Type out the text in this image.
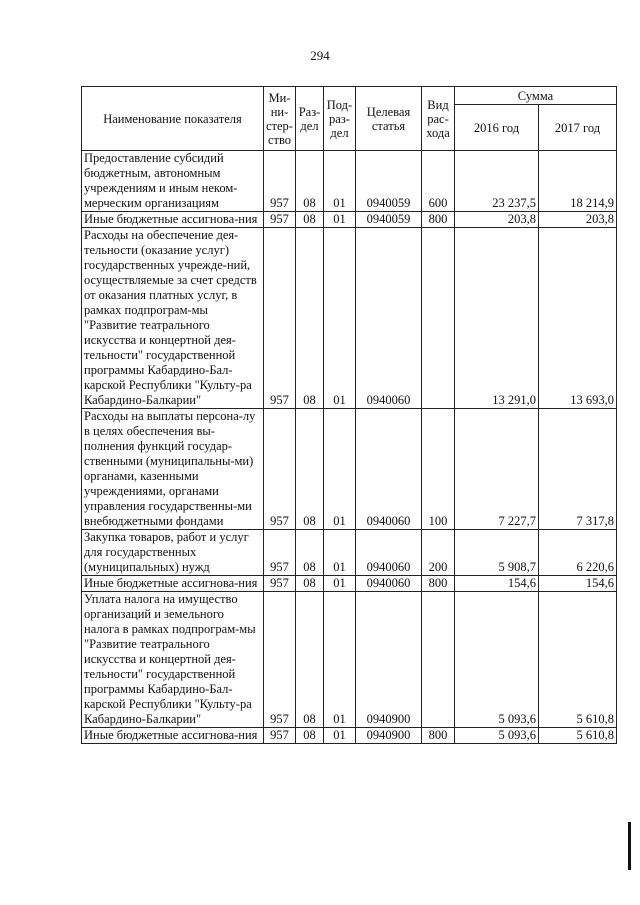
294
Наименование показателя	Ми-
ни-
стер-
ство	Раз-
дел	Под-
раз-
дел	Целевая
статья	Вид
рас-
хода	Сумма	
						2016 год	2017 год
Предоставление субсидий бюджетным, автономным учреждениям и иным неком-мерческим организациям	957	08	01	0940059	600	23 237,5	18 214,9
Иные бюджетные ассигнова-ния	957	08	01	0940059	800	203,8	203,8
Расходы на обеспечение дея-тельности (оказание услуг) государственных учрежде-ний, осуществляемые за счет средств от оказания платных услуг, в рамках подпрограм-мы "Развитие театрального искусства и концертной дея-тельности" государственной программы Кабардино-Бал-карской Республики "Культу-ра Кабардино-Балкарии"	957	08	01	0940060		13 291,0	13 693,0
Расходы на выплаты персона-лу в целях обеспечения вы-полнения функций государ-ственными (муниципальны-ми) органами, казенными учреждениями, органами управления государственны-ми внебюджетными фондами	957	08	01	0940060	100	7 227,7	7 317,8
Закупка товаров, работ и услуг для государственных (муниципальных) нужд	957	08	01	0940060	200	5 908,7	6 220,6
Иные бюджетные ассигнова-ния	957	08	01	0940060	800	154,6	154,6
Уплата налога на имущество организаций и земельного налога в рамках подпрограм-мы "Развитие театрального искусства и концертной дея-тельности" государственной программы Кабардино-Бал-карской Республики "Культу-ра Кабардино-Балкарии"	957	08	01	0940900		5 093,6	5 610,8
Иные бюджетные ассигнова-ния	957	08	01	0940900	800	5 093,6	5 610,8
